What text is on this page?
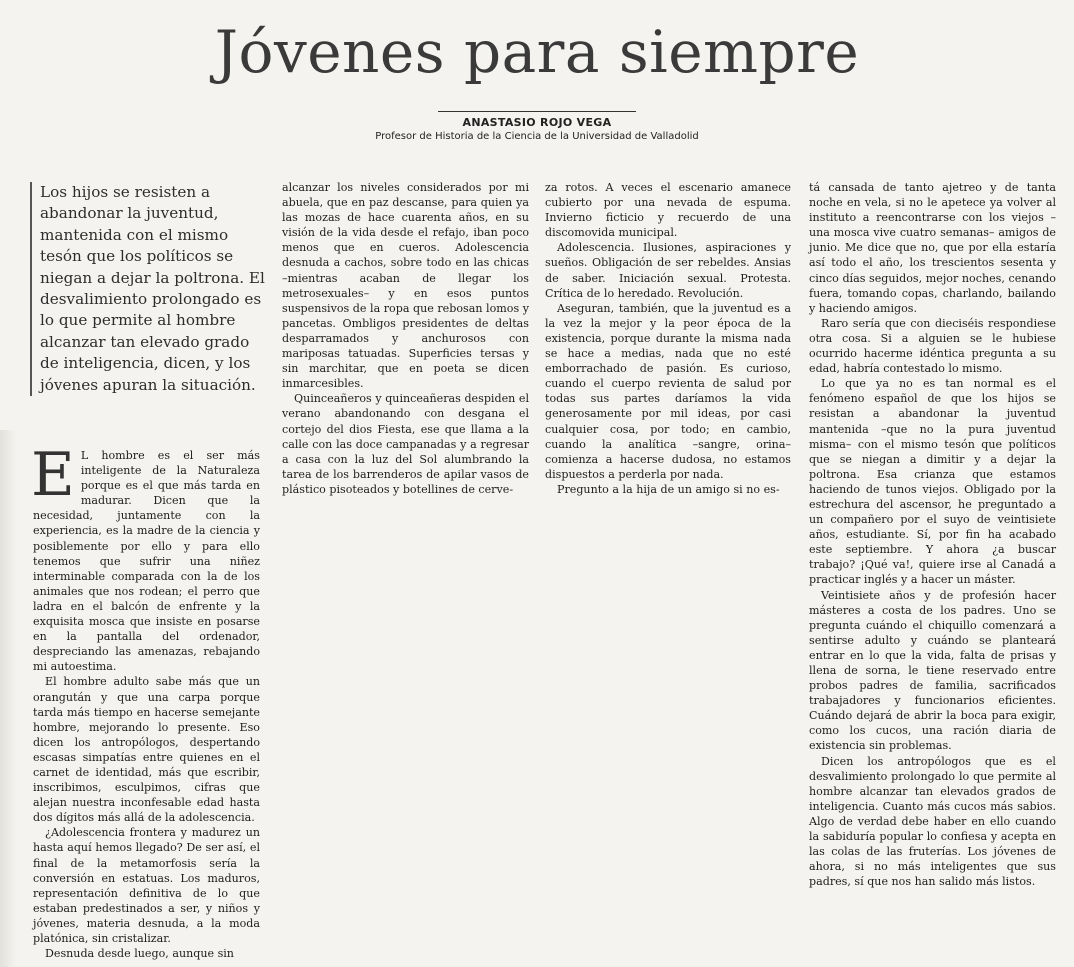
Jóvenes para siempre
ANASTASIO ROJO VEGA
Profesor de Historia de la Ciencia de la Universidad de Valladolid

Los hijos se resisten a abandonar la juventud, mantenida con el mismo tesón que los políticos se niegan a dejar la poltrona. El desvalimiento prolongado es lo que permite al hombre alcanzar tan elevado grado de inteligencia, dicen, y los jóvenes apuran la situación.

E L hombre es el ser más inteligente de la Naturaleza porque es el que más tarda en madurar. Dicen que la necesidad, juntamente con la experiencia, es la madre de la ciencia y posiblemente por ello y para ello tenemos que sufrir una niñez interminable comparada con la de los animales que nos rodean; el perro que ladra en el balcón de enfrente y la exquisita mosca que insiste en posarse en la pantalla del ordenador, despreciando las amenazas, rebajando mi autoestima.

El hombre adulto sabe más que un orangután y que una carpa porque tarda más tiempo en hacerse semejante hombre, mejorando lo presente. Eso dicen los antropólogos, despertando escasas simpatías entre quienes en el carnet de identidad, más que escribir, inscribimos, esculpimos, cifras que alejan nuestra inconfesable edad hasta dos dígitos más allá de la adolescencia.

¿Adolescencia frontera y madurez un hasta aquí hemos llegado? De ser así, el final de la metamorfosis sería la conversión en estatuas. Los maduros, representación definitiva de lo que estaban predestinados a ser, y niños y jóvenes, materia desnuda, a la moda platónica, sin cristalizar.

Desnuda desde luego, aunque sin

alcanzar los niveles considerados por mi abuela, que en paz descanse, para quien ya las mozas de hace cuarenta años, en su visión de la vida desde el refajo, iban poco menos que en cueros. Adolescencia desnuda a cachos, sobre todo en las chicas –mientras acaban de llegar los metrosexuales– y en esos puntos suspensivos de la ropa que rebosan lomos y pancetas. Ombligos presidentes de deltas desparramados y anchurosos con mariposas tatuadas. Superficies tersas y sin marchitar, que en poeta se dicen inmarcesibles.

Quinceañeros y quinceañeras despiden el verano abandonando con desgana el cortejo del dios Fiesta, ese que llama a la calle con las doce campanadas y a regresar a casa con la luz del Sol alumbrando la tarea de los barrenderos de apilar vasos de plástico pisoteados y botellines de cerve-

za rotos. A veces el escenario amanece cubierto por una nevada de espuma. Invierno ficticio y recuerdo de una discomovida municipal.

Adolescencia. Ilusiones, aspiraciones y sueños. Obligación de ser rebeldes. Ansias de saber. Iniciación sexual. Protesta. Crítica de lo heredado. Revolución.

Aseguran, también, que la juventud es a la vez la mejor y la peor época de la existencia, porque durante la misma nada se hace a medias, nada que no esté emborrachado de pasión. Es curioso, cuando el cuerpo revienta de salud por todas sus partes daríamos la vida generosamente por mil ideas, por casi cualquier cosa, por todo; en cambio, cuando la analítica –sangre, orina– comienza a hacerse dudosa, no estamos dispuestos a perderla por nada.

Pregunto a la hija de un amigo si no es-

tá cansada de tanto ajetreo y de tanta noche en vela, si no le apetece ya volver al instituto a reencontrarse con los viejos –una mosca vive cuatro semanas– amigos de junio. Me dice que no, que por ella estaría así todo el año, los trescientos sesenta y cinco días seguidos, mejor noches, cenando fuera, tomando copas, charlando, bailando y haciendo amigos.

Raro sería que con dieciséis respondiese otra cosa. Si a alguien se le hubiese ocurrido hacerme idéntica pregunta a su edad, habría contestado lo mismo.

Lo que ya no es tan normal es el fenómeno español de que los hijos se resistan a abandonar la juventud mantenida –que no la pura juventud misma– con el mismo tesón que políticos que se niegan a dimitir y a dejar la poltrona. Esa crianza que estamos haciendo de tunos viejos. Obligado por la estrechura del ascensor, he preguntado a un compañero por el suyo de veintisiete años, estudiante. Sí, por fin ha acabado este septiembre. Y ahora ¿a buscar trabajo? ¡Qué va!, quiere irse al Canadá a practicar inglés y a hacer un máster.

Veintisiete años y de profesión hacer másteres a costa de los padres. Uno se pregunta cuándo el chiquillo comenzará a sentirse adulto y cuándo se planteará entrar en lo que la vida, falta de prisas y llena de sorna, le tiene reservado entre probos padres de familia, sacrificados trabajadores y funcionarios eficientes. Cuándo dejará de abrir la boca para exigir, como los cucos, una ración diaria de existencia sin problemas.

Dicen los antropólogos que es el desvalimiento prolongado lo que permite al hombre alcanzar tan elevados grados de inteligencia. Cuanto más cucos más sabios. Algo de verdad debe haber en ello cuando la sabiduría popular lo confiesa y acepta en las colas de las fruterías. Los jóvenes de ahora, si no más inteligentes que sus padres, sí que nos han salido más listos.
